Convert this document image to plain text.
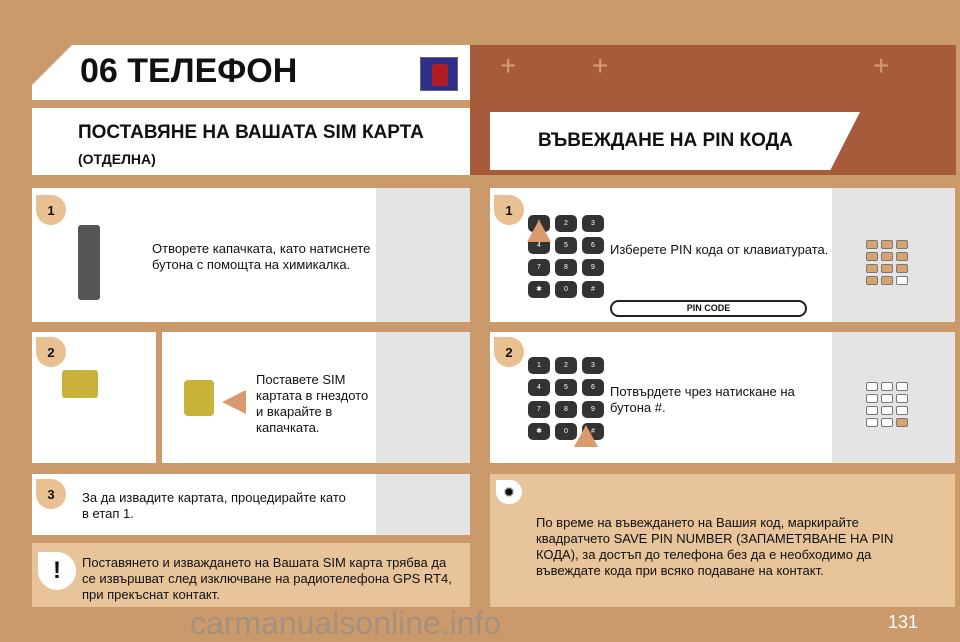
+	+	+
06 ТЕЛЕФОН
ПОСТАВЯНЕ НА ВАШАТА SIM КАРТА
(ОТДЕЛНА)
ВЪВЕЖДАНЕ НА PIN КОДА
1
Отворете капачката, като натиснете бутона с помощта на химикалка.
2
Поставете SIM картата в гнездото и вкарайте в капачката.
3	За да извадите картата, процедирайте като в етап 1.
!	Поставянето и изваждането на Вашата SIM карта трябва да се извършват след изключване на радиотелефона GPS RT4, при прекъснат контакт.
1
1	2	3
4	5	6
7	8	9
✱	0	#
Изберете PIN кода от клавиатурата.
PIN CODE
2
1	2	3
4	5	6
7	8	9
✱	0	#
Потвърдете чрез натискане на бутона #.
✹
По време на въвеждането на Вашия код, маркирайте квадратчето SAVE PIN NUMBER (ЗАПАМЕТЯВАНЕ НА PIN КОДА), за достъп до телефона без да е необходимо да въвеждате кода при всяко подаване на контакт.
131
carmanualsonline.info
